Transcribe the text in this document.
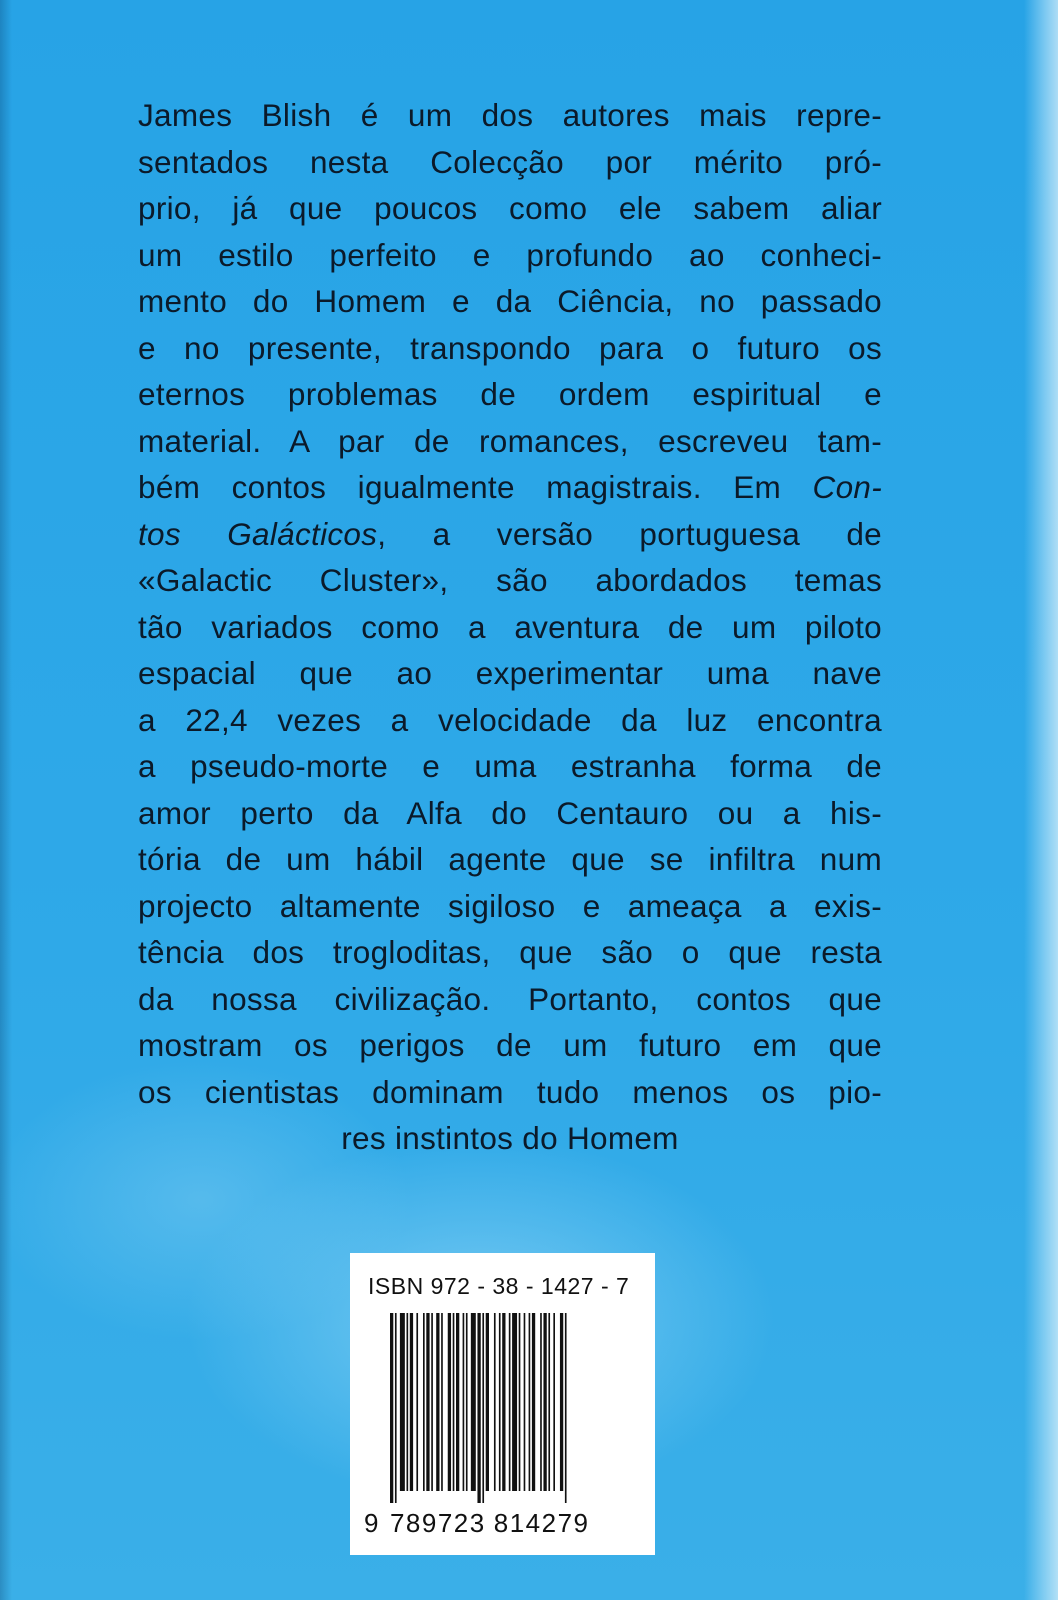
James Blish é um dos autores mais repre-
sentados nesta Colecção por mérito pró-
prio, já que poucos como ele sabem aliar
um estilo perfeito e profundo ao conheci-
mento do Homem e da Ciência, no passado
e no presente, transpondo para o futuro os
eternos problemas de ordem espiritual e
material. A par de romances, escreveu tam-
bém contos igualmente magistrais. Em Con-
tos Galácticos, a versão portuguesa de
«Galactic Cluster», são abordados temas
tão variados como a aventura de um piloto
espacial que ao experimentar uma nave
a 22,4 vezes a velocidade da luz encontra
a pseudo-morte e uma estranha forma de
amor perto da Alfa do Centauro ou a his-
tória de um hábil agente que se infiltra num
projecto altamente sigiloso e ameaça a exis-
tência dos trogloditas, que são o que resta
da nossa civilização. Portanto, contos que
mostram os perigos de um futuro em que
os cientistas dominam tudo menos os pio-
res instintos do Homem
ISBN 972 - 38 - 1427 - 7
9 789723 814279
